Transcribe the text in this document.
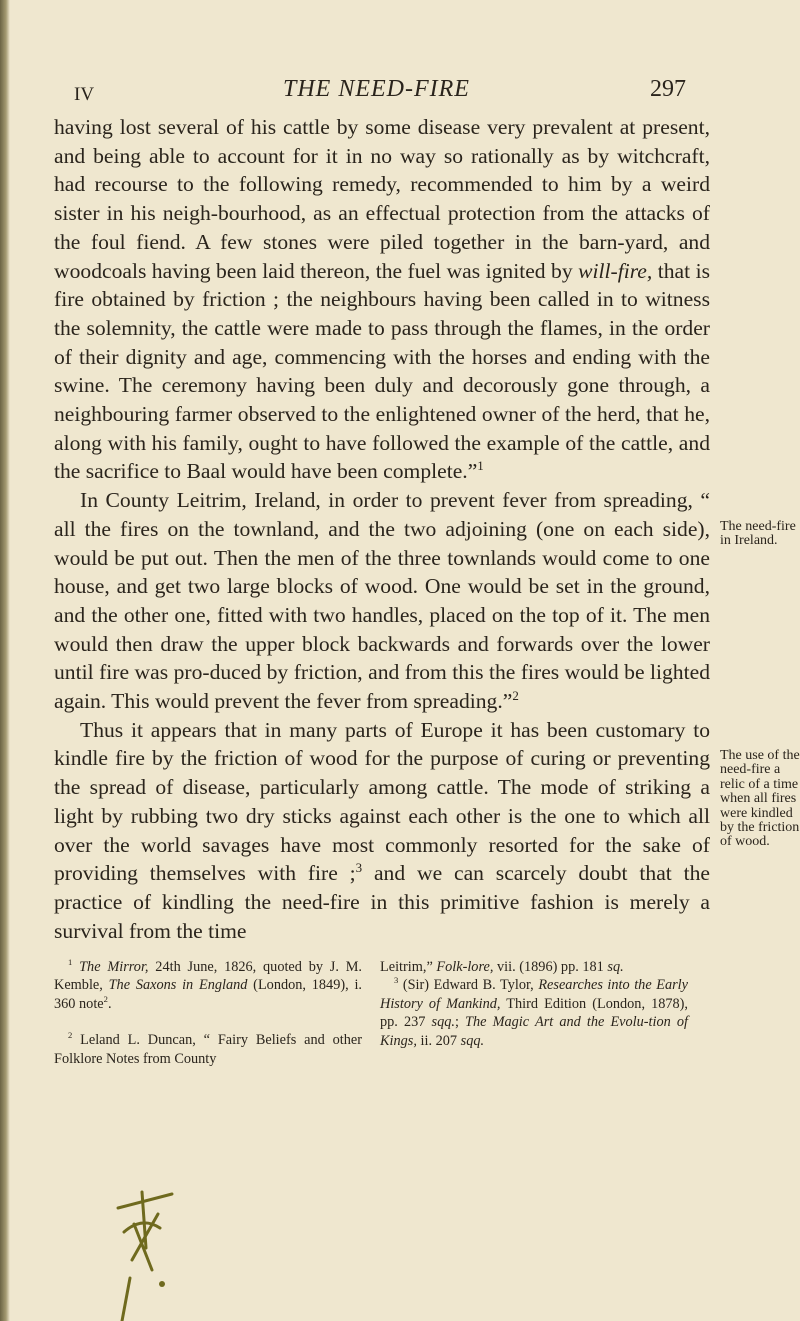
IV	THE NEED-FIRE	297

having lost several of his cattle by some disease very prevalent at present, and being able to account for it in no way so rationally as by witchcraft, had recourse to the following remedy, recommended to him by a weird sister in his neigh-bourhood, as an effectual protection from the attacks of the foul fiend. A few stones were piled together in the barn-yard, and woodcoals having been laid thereon, the fuel was ignited by will-fire, that is fire obtained by friction ; the neighbours having been called in to witness the solemnity, the cattle were made to pass through the flames, in the order of their dignity and age, commencing with the horses and ending with the swine. The ceremony having been duly and decorously gone through, a neighbouring farmer observed to the enlightened owner of the herd, that he, along with his family, ought to have followed the example of the cattle, and the sacrifice to Baal would have been complete.”$^1$

In County Leitrim, Ireland, in order to prevent fever from spreading, “ all the fires on the townland, and the two adjoining (one on each side), would be put out. Then the men of the three townlands would come to one house, and get two large blocks of wood. One would be set in the ground, and the other one, fitted with two handles, placed on the top of it. The men would then draw the upper block backwards and forwards over the lower until fire was pro-duced by friction, and from this the fires would be lighted again. This would prevent the fever from spreading.”$^2$

Thus it appears that in many parts of Europe it has been customary to kindle fire by the friction of wood for the purpose of curing or preventing the spread of disease, particularly among cattle. The mode of striking a light by rubbing two dry sticks against each other is the one to which all over the world savages have most commonly resorted for the sake of providing themselves with fire ;$^3$ and we can scarcely doubt that the practice of kindling the need-fire in this primitive fashion is merely a survival from the time

The need-fire in Ireland.
The use of the need-fire a relic of a time when all fires were kindled by the friction of wood.

$^1$ The Mirror, 24th June, 1826, quoted by J. M. Kemble, The Saxons in England (London, 1849), i. 360 note$^2$.

$^2$ Leland L. Duncan, “ Fairy Beliefs and other Folklore Notes from County

Leitrim,” Folk-lore, vii. (1896) pp. 181 sq.

$^3$ (Sir) Edward B. Tylor, Researches into the Early History of Mankind, Third Edition (London, 1878), pp. 237 sqq.; The Magic Art and the Evolu-tion of Kings, ii. 207 sqq.
